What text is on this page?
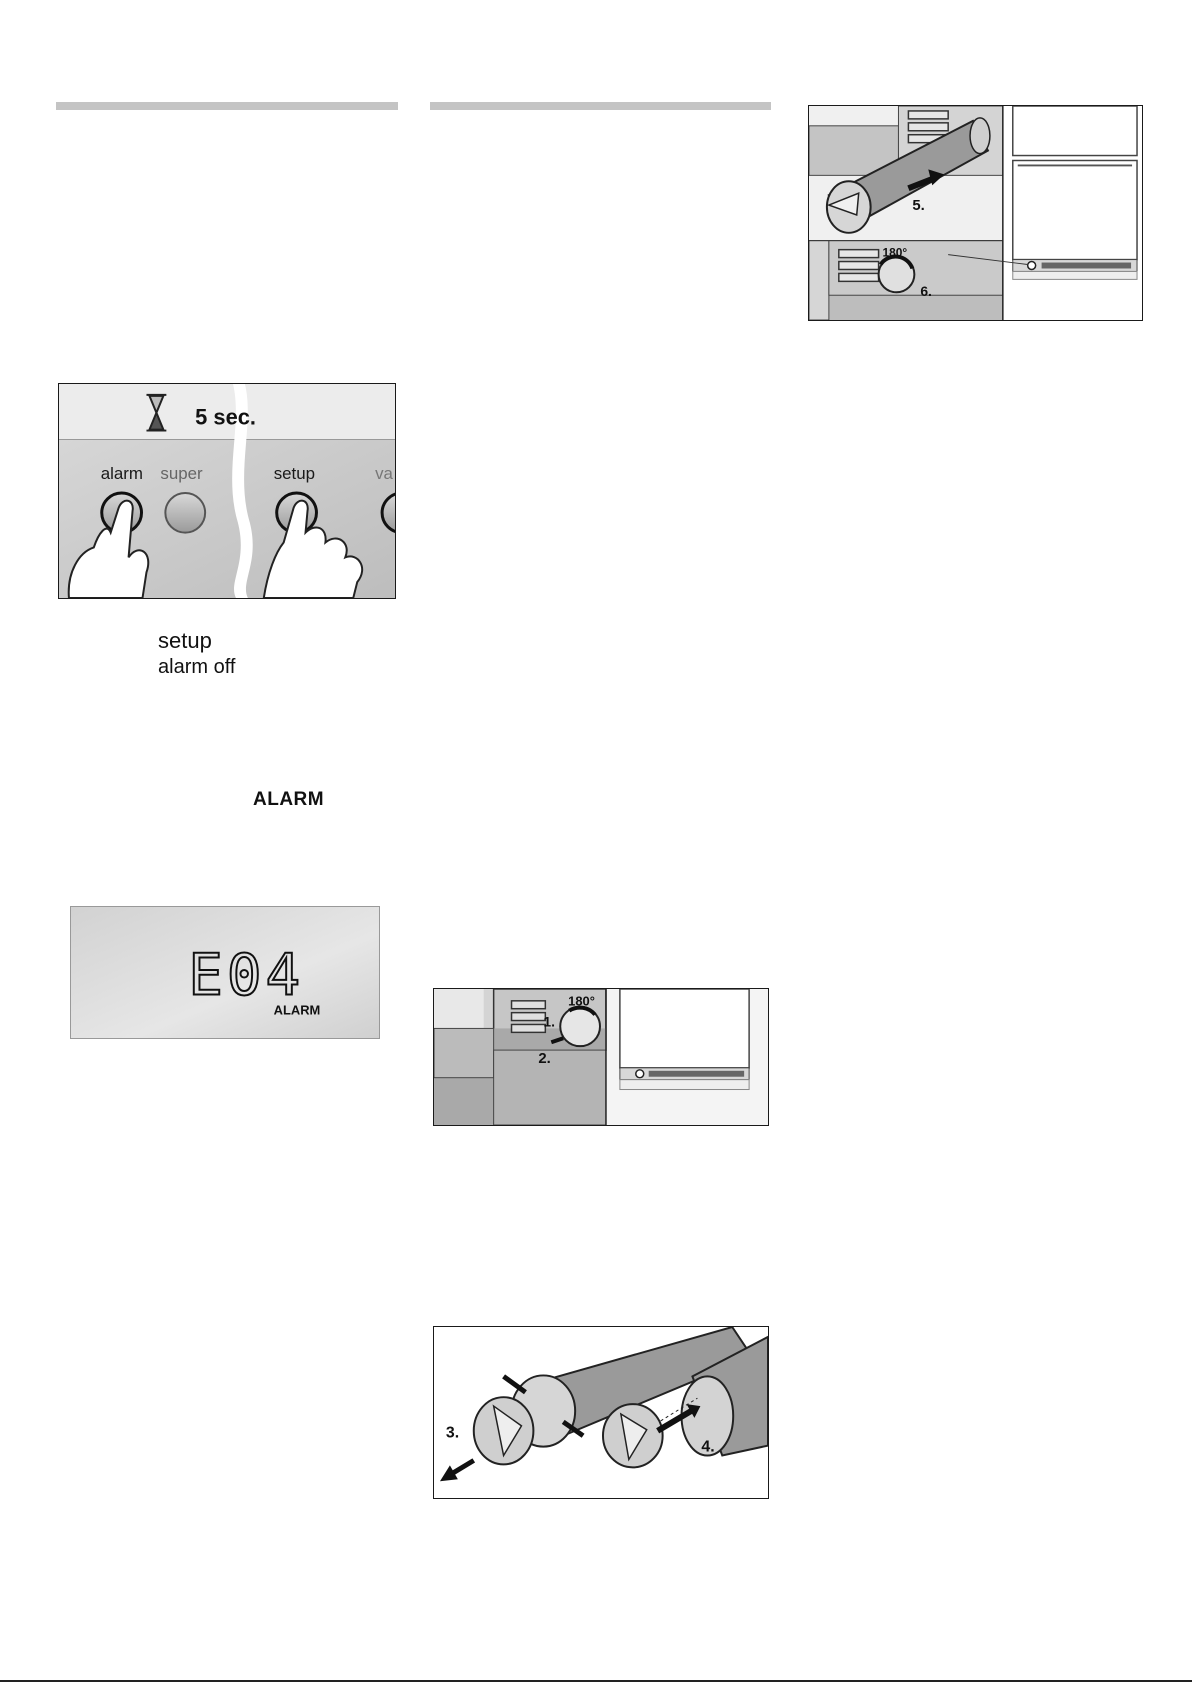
5 sec.
alarm super	setup	va
setup
alarm off
ALARM
E04
ALARM
180°
1.
2.
3.
4.
5.
180°
6.
